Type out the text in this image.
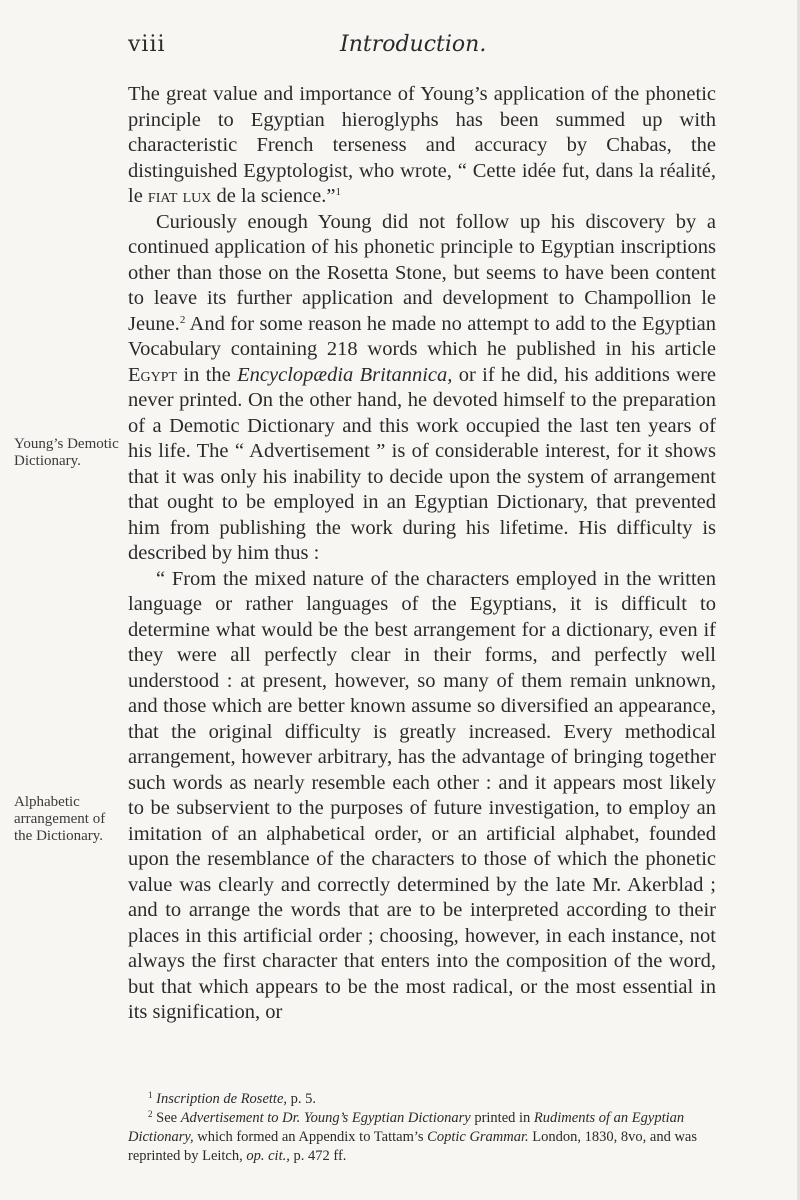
viii	Introduction.
Young’s Demotic Dictionary.
Alphabetic arrangement of the Dictionary.

The great value and importance of Young’s application of the phonetic principle to Egyptian hieroglyphs has been summed up with characteristic French terseness and accuracy by Chabas, the distinguished Egyptologist, who wrote, “ Cette idée fut, dans la réalité, le fiat lux de la science.”$^1$

Curiously enough Young did not follow up his discovery by a continued application of his phonetic principle to Egyptian inscriptions other than those on the Rosetta Stone, but seems to have been content to leave its further application and development to Champollion le Jeune.$^2$ And for some reason he made no attempt to add to the Egyptian Vocabulary containing 218 words which he published in his article Egypt in the Encyclopædia Britannica, or if he did, his additions were never printed. On the other hand, he devoted himself to the preparation of a Demotic Dictionary and this work occupied the last ten years of his life. The “ Advertisement ” is of considerable interest, for it shows that it was only his inability to decide upon the system of arrangement that ought to be employed in an Egyptian Dictionary, that prevented him from publishing the work during his lifetime. His difficulty is described by him thus :

“ From the mixed nature of the characters employed in the written language or rather languages of the Egyptians, it is difficult to determine what would be the best arrangement for a dictionary, even if they were all perfectly clear in their forms, and perfectly well understood : at present, however, so many of them remain unknown, and those which are better known assume so diversified an appearance, that the original difficulty is greatly increased. Every methodical arrangement, however arbitrary, has the advantage of bringing together such words as nearly resemble each other : and it appears most likely to be subservient to the purposes of future investigation, to employ an imitation of an alphabetical order, or an artificial alphabet, founded upon the resemblance of the characters to those of which the phonetic value was clearly and correctly determined by the late Mr. Akerblad ; and to arrange the words that are to be interpreted according to their places in this artificial order ; choosing, however, in each instance, not always the first character that enters into the composition of the word, but that which appears to be the most radical, or the most essential in its signification, or

$^1$ Inscription de Rosette, p. 5.

$^2$ See Advertisement to Dr. Young’s Egyptian Dictionary printed in Rudiments of an Egyptian Dictionary, which formed an Appendix to Tattam’s Coptic Grammar. London, 1830, 8vo, and was reprinted by Leitch, op. cit., p. 472 ff.
